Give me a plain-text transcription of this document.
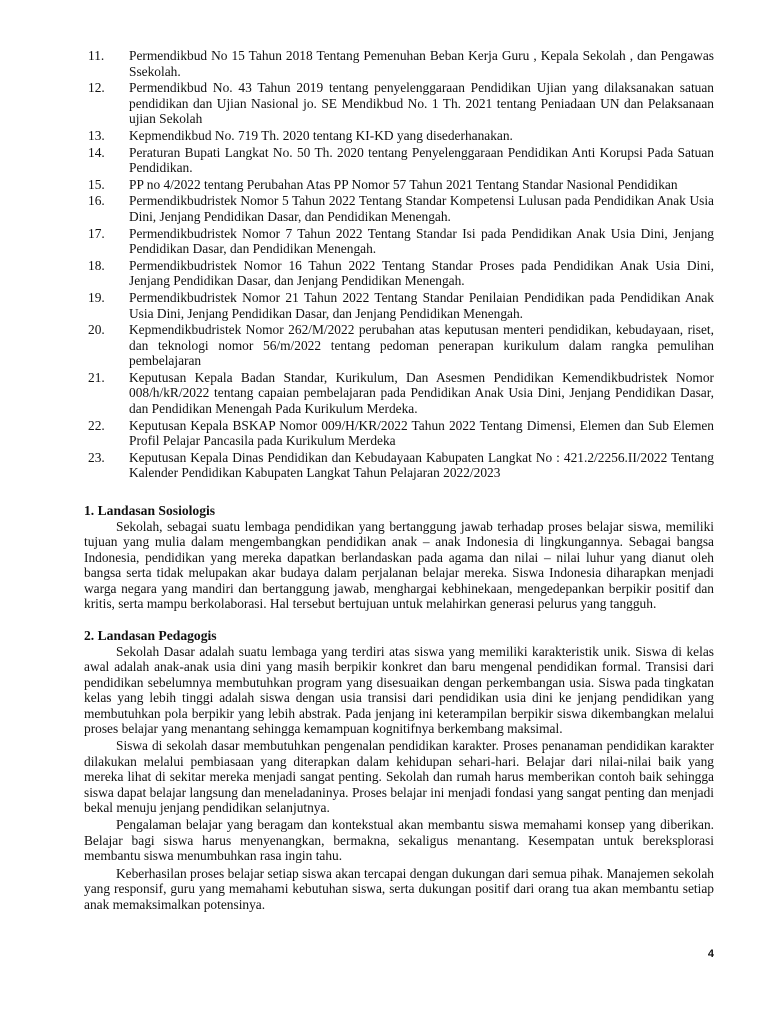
11.	Permendikbud No 15 Tahun 2018 Tentang Pemenuhan Beban Kerja Guru , Kepala Sekolah , dan Pengawas Ssekolah.
12.	Permendikbud No. 43 Tahun 2019 tentang penyelenggaraan Pendidikan Ujian yang dilaksanakan satuan pendidikan dan Ujian Nasional jo. SE Mendikbud No. 1 Th. 2021 tentang Peniadaan UN dan Pelaksanaan ujian Sekolah
13.	Kepmendikbud No. 719 Th. 2020 tentang KI-KD yang disederhanakan.
14.	Peraturan Bupati Langkat No. 50 Th. 2020 tentang Penyelenggaraan Pendidikan Anti Korupsi Pada Satuan Pendidikan.
15.	PP no 4/2022 tentang Perubahan Atas PP Nomor 57 Tahun 2021 Tentang Standar Nasional Pendidikan
16.	Permendikbudristek Nomor 5 Tahun 2022 Tentang Standar Kompetensi Lulusan pada Pendidikan Anak Usia Dini, Jenjang Pendidikan Dasar, dan Pendidikan Menengah.
17.	Permendikbudristek Nomor 7 Tahun 2022 Tentang Standar Isi pada Pendidikan Anak Usia Dini, Jenjang Pendidikan Dasar, dan Pendidikan Menengah.
18.	Permendikbudristek Nomor 16 Tahun 2022 Tentang Standar Proses pada Pendidikan Anak Usia Dini, Jenjang Pendidikan Dasar, dan Jenjang Pendidikan Menengah.
19.	Permendikbudristek Nomor 21 Tahun 2022 Tentang Standar Penilaian Pendidikan pada Pendidikan Anak Usia Dini, Jenjang Pendidikan Dasar, dan Jenjang Pendidikan Menengah.
20.	Kepmendikbudristek Nomor 262/M/2022 perubahan atas keputusan menteri pendidikan, kebudayaan, riset, dan teknologi nomor 56/m/2022 tentang pedoman penerapan kurikulum dalam rangka pemulihan pembelajaran
21.	Keputusan Kepala Badan Standar, Kurikulum, Dan Asesmen Pendidikan Kemendikbudristek Nomor 008/h/kR/2022 tentang capaian pembelajaran pada Pendidikan Anak Usia Dini, Jenjang Pendidikan Dasar, dan Pendidikan Menengah Pada Kurikulum Merdeka.
22.	Keputusan Kepala BSKAP Nomor 009/H/KR/2022 Tahun 2022 Tentang Dimensi, Elemen dan Sub Elemen Profil Pelajar Pancasila pada Kurikulum Merdeka
23.	Keputusan Kepala Dinas Pendidikan dan Kebudayaan Kabupaten Langkat No : 421.2/2256.II/2022 Tentang Kalender Pendidikan Kabupaten Langkat Tahun Pelajaran 2022/2023
1. Landasan Sosiologis

Sekolah, sebagai suatu lembaga pendidikan yang bertanggung jawab terhadap proses belajar siswa, memiliki tujuan yang mulia dalam mengembangkan pendidikan anak – anak Indonesia di lingkungannya. Sebagai bangsa Indonesia, pendidikan yang mereka dapatkan berlandaskan pada agama dan nilai – nilai luhur yang dianut oleh bangsa serta tidak melupakan akar budaya dalam perjalanan belajar mereka. Siswa Indonesia diharapkan menjadi warga negara yang mandiri dan bertanggung jawab, menghargai kebhinekaan, mengedepankan berpikir positif dan kritis, serta mampu berkolaborasi. Hal tersebut bertujuan untuk melahirkan generasi pelurus yang tangguh.

2. Landasan Pedagogis

Sekolah Dasar adalah suatu lembaga yang terdiri atas siswa yang memiliki karakteristik unik. Siswa di kelas awal adalah anak-anak usia dini yang masih berpikir konkret dan baru mengenal pendidikan formal. Transisi dari pendidikan sebelumnya membutuhkan program yang disesuaikan dengan perkembangan usia. Siswa pada tingkatan kelas yang lebih tinggi adalah siswa dengan usia transisi dari pendidikan usia dini ke jenjang pendidikan yang membutuhkan pola berpikir yang lebih abstrak. Pada jenjang ini keterampilan berpikir siswa dikembangkan melalui proses belajar yang menantang sehingga kemampuan kognitifnya berkembang maksimal.

Siswa di sekolah dasar membutuhkan pengenalan pendidikan karakter. Proses penanaman pendidikan karakter dilakukan melalui pembiasaan yang diterapkan dalam kehidupan sehari-hari. Belajar dari nilai-nilai baik yang mereka lihat di sekitar mereka menjadi sangat penting. Sekolah dan rumah harus memberikan contoh baik sehingga siswa dapat belajar langsung dan meneladaninya. Proses belajar ini menjadi fondasi yang sangat penting dan menjadi bekal menuju jenjang pendidikan selanjutnya.

Pengalaman belajar yang beragam dan kontekstual akan membantu siswa memahami konsep yang diberikan. Belajar bagi siswa harus menyenangkan, bermakna, sekaligus menantang. Kesempatan untuk bereksplorasi membantu siswa menumbuhkan rasa ingin tahu.

Keberhasilan proses belajar setiap siswa akan tercapai dengan dukungan dari semua pihak. Manajemen sekolah yang responsif, guru yang memahami kebutuhan siswa, serta dukungan positif dari orang tua akan membantu setiap anak memaksimalkan potensinya.

4
